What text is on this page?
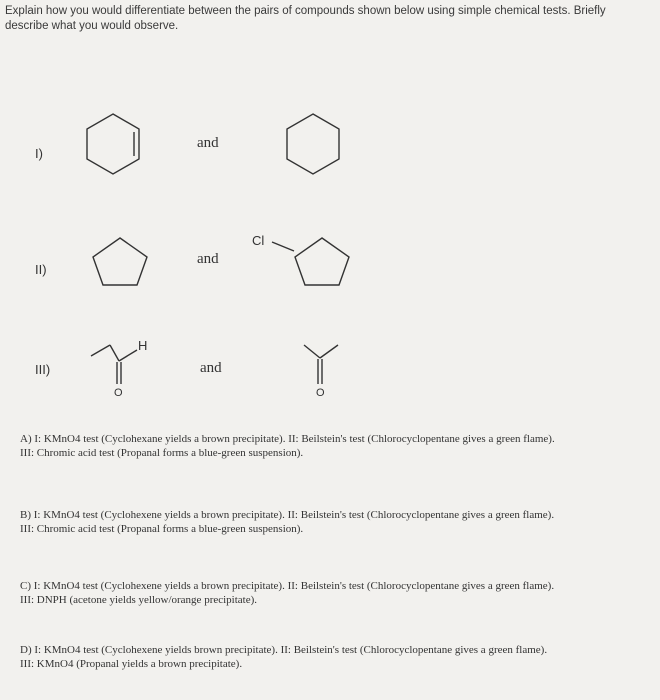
Explain how you would differentiate between the pairs of compounds shown below using simple chemical tests. Briefly
describe what you would observe.
I)
and
II)
and
Cl
III)
O
H
and
O
A) I: KMnO4 test (Cyclohexane yields a brown precipitate). II: Beilstein's test (Chlorocyclopentane gives a green flame).
III: Chromic acid test (Propanal forms a blue-green suspension).
B) I: KMnO4 test (Cyclohexene yields a brown precipitate). II: Beilstein's test (Chlorocyclopentane gives a green flame).
III: Chromic acid test (Propanal forms a blue-green suspension).
C) I: KMnO4 test (Cyclohexene yields a brown precipitate). II: Beilstein's test (Chlorocyclopentane gives a green flame).
III: DNPH (acetone yields yellow/orange precipitate).
D) I: KMnO4 test (Cyclohexene yields brown precipitate). II: Beilstein's test (Chlorocyclopentane gives a green flame).
III: KMnO4 (Propanal yields a brown precipitate).
